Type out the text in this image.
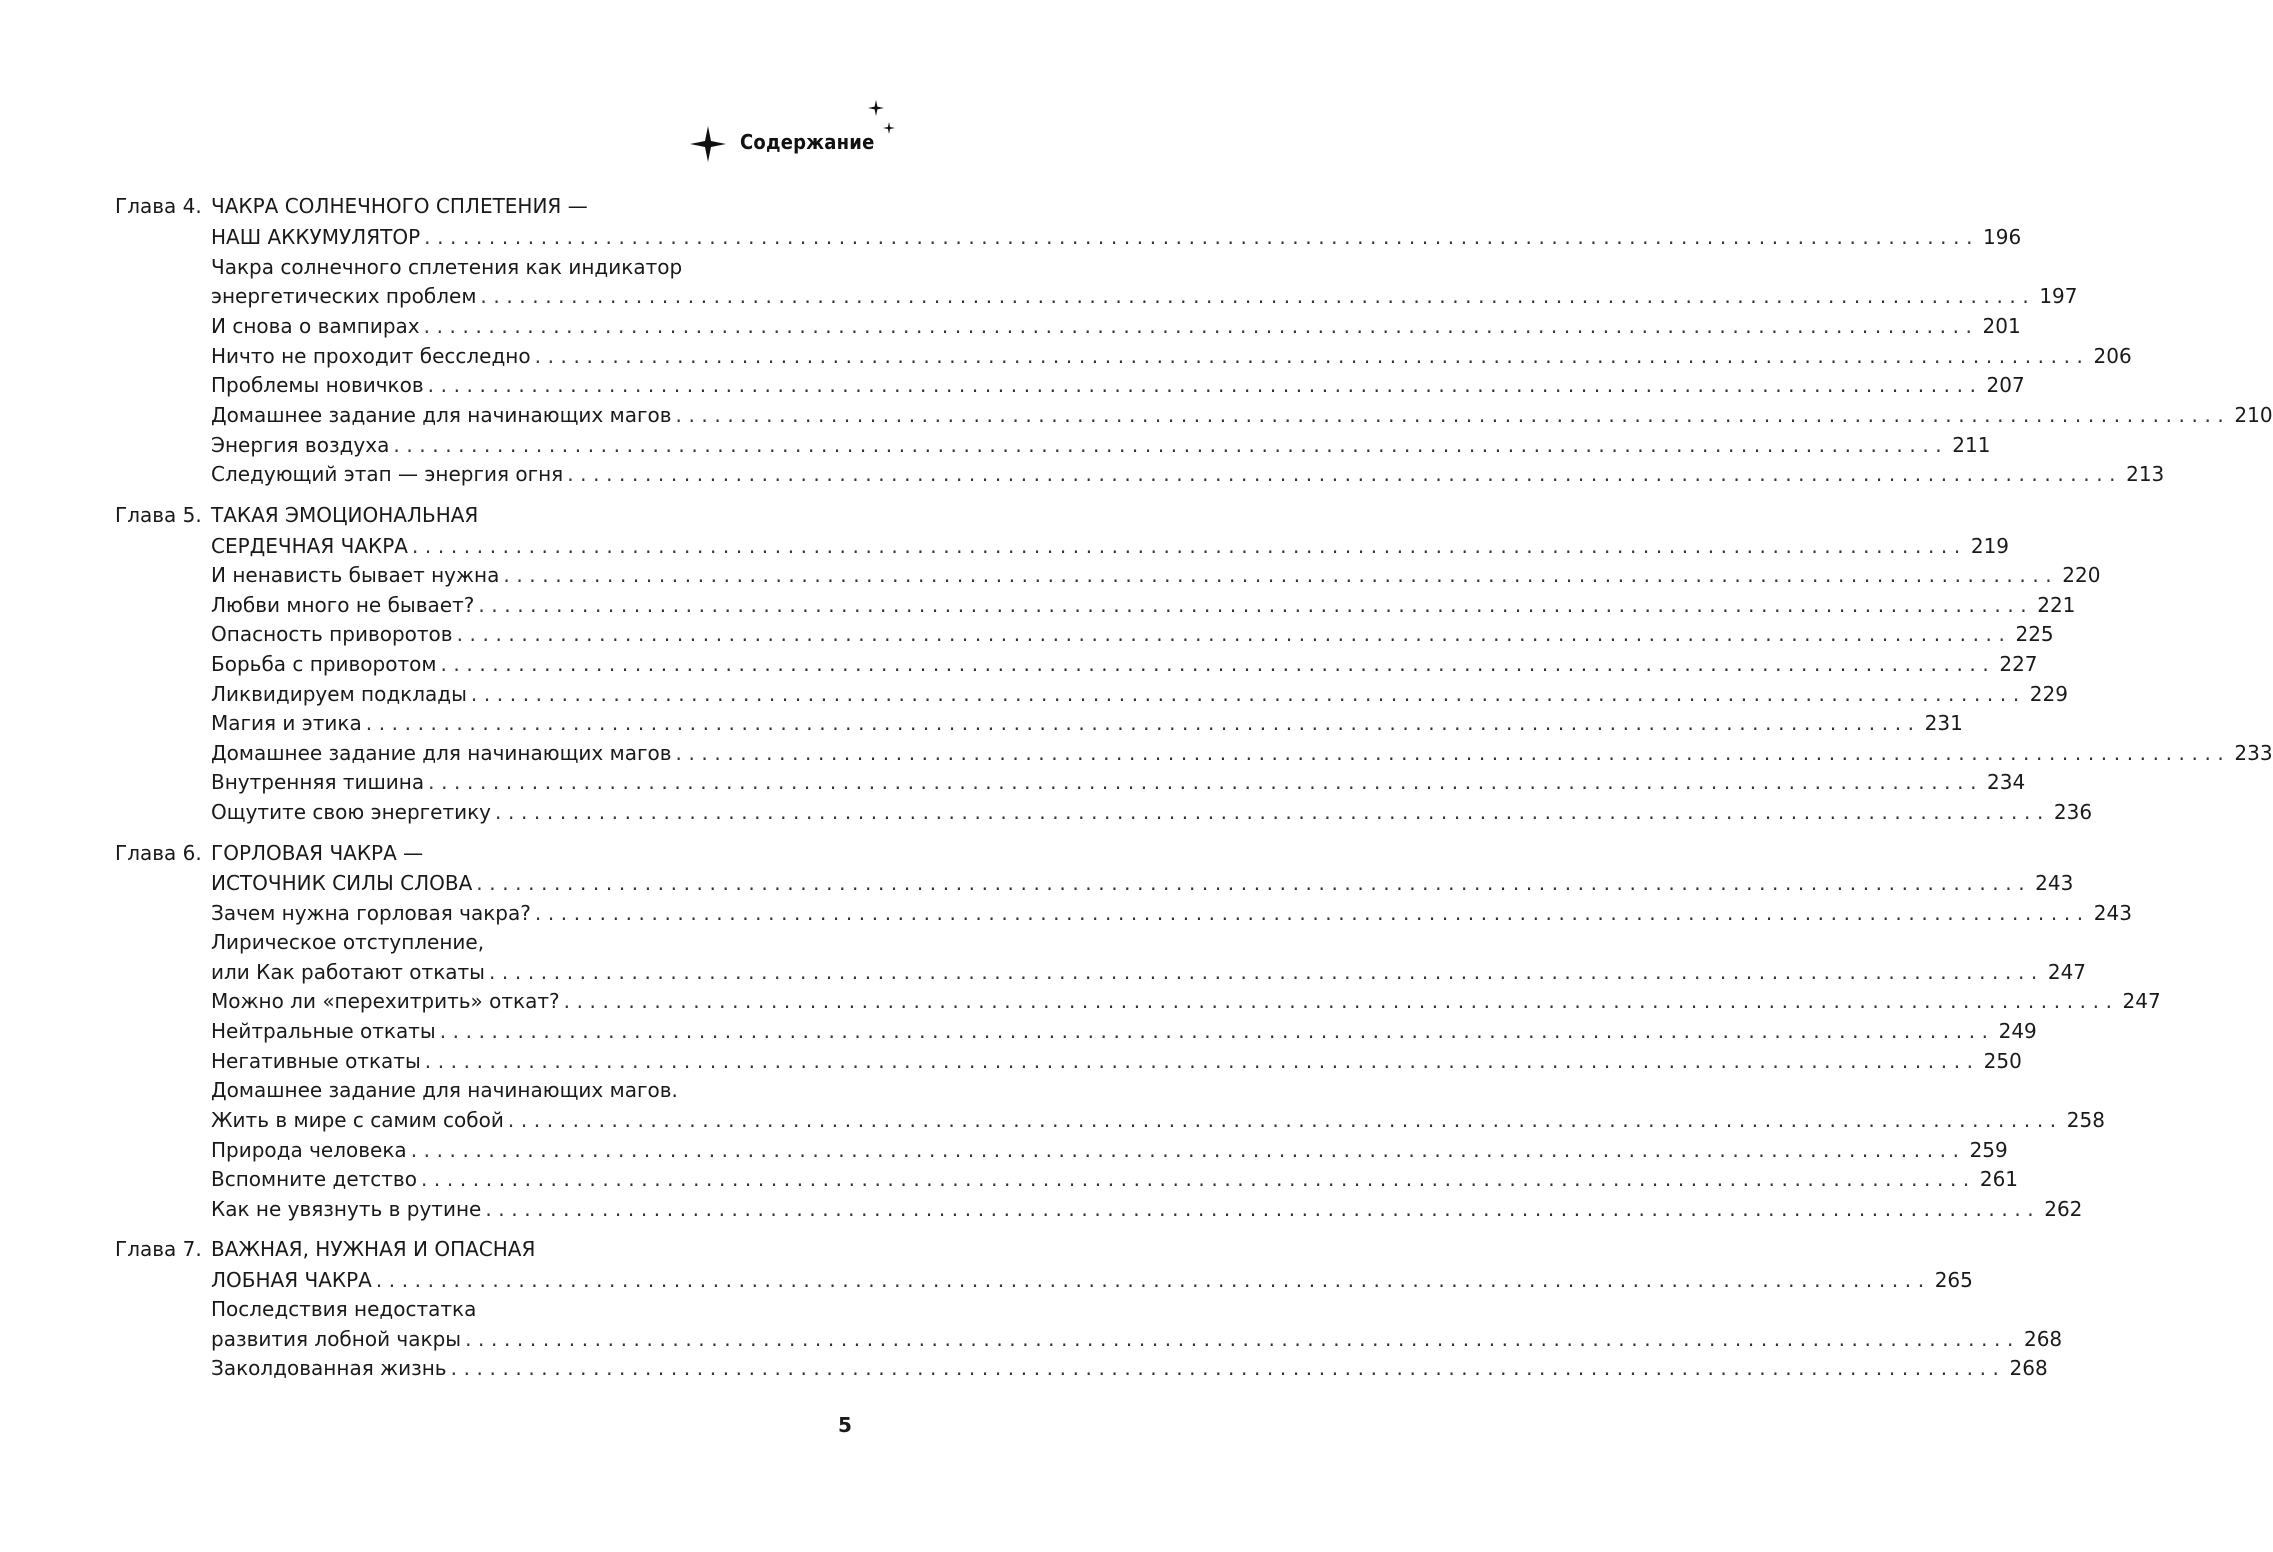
Содержание
Глава 4. ЧАКРА СОЛНЕЧНОГО СПЛЕТЕНИЯ —
НАШ АККУМУЛЯТОР ........................................................................................................................ 196
Чакра солнечного сплетения как индикатор
энергетических проблем ........................................................................................................................ 197
И снова о вампирах ........................................................................................................................ 201
Ничто не проходит бесследно ........................................................................................................................ 206
Проблемы новичков ........................................................................................................................ 207
Домашнее задание для начинающих магов ........................................................................................................................ 210
Энергия воздуха ........................................................................................................................ 211
Следующий этап — энергия огня ........................................................................................................................ 213
Глава 5. ТАКАЯ ЭМОЦИОНАЛЬНАЯ
СЕРДЕЧНАЯ ЧАКРА ........................................................................................................................ 219
И ненависть бывает нужна ........................................................................................................................ 220
Любви много не бывает? ........................................................................................................................ 221
Опасность приворотов ........................................................................................................................ 225
Борьба с приворотом ........................................................................................................................ 227
Ликвидируем подклады ........................................................................................................................ 229
Магия и этика ........................................................................................................................ 231
Домашнее задание для начинающих магов ........................................................................................................................ 233
Внутренняя тишина ........................................................................................................................ 234
Ощутите свою энергетику ........................................................................................................................ 236
Глава 6. ГОРЛОВАЯ ЧАКРА —
ИСТОЧНИК СИЛЫ СЛОВА ........................................................................................................................ 243
Зачем нужна горловая чакра? ........................................................................................................................ 243
Лирическое отступление,
или Как работают откаты ........................................................................................................................ 247
Можно ли «перехитрить» откат? ........................................................................................................................ 247
Нейтральные откаты ........................................................................................................................ 249
Негативные откаты ........................................................................................................................ 250
Домашнее задание для начинающих магов.
Жить в мире с самим собой ........................................................................................................................ 258
Природа человека ........................................................................................................................ 259
Вспомните детство ........................................................................................................................ 261
Как не увязнуть в рутине ........................................................................................................................ 262
Глава 7. ВАЖНАЯ, НУЖНАЯ И ОПАСНАЯ
ЛОБНАЯ ЧАКРА ........................................................................................................................ 265
Последствия недостатка
развития лобной чакры ........................................................................................................................ 268
Заколдованная жизнь ........................................................................................................................ 268
5
